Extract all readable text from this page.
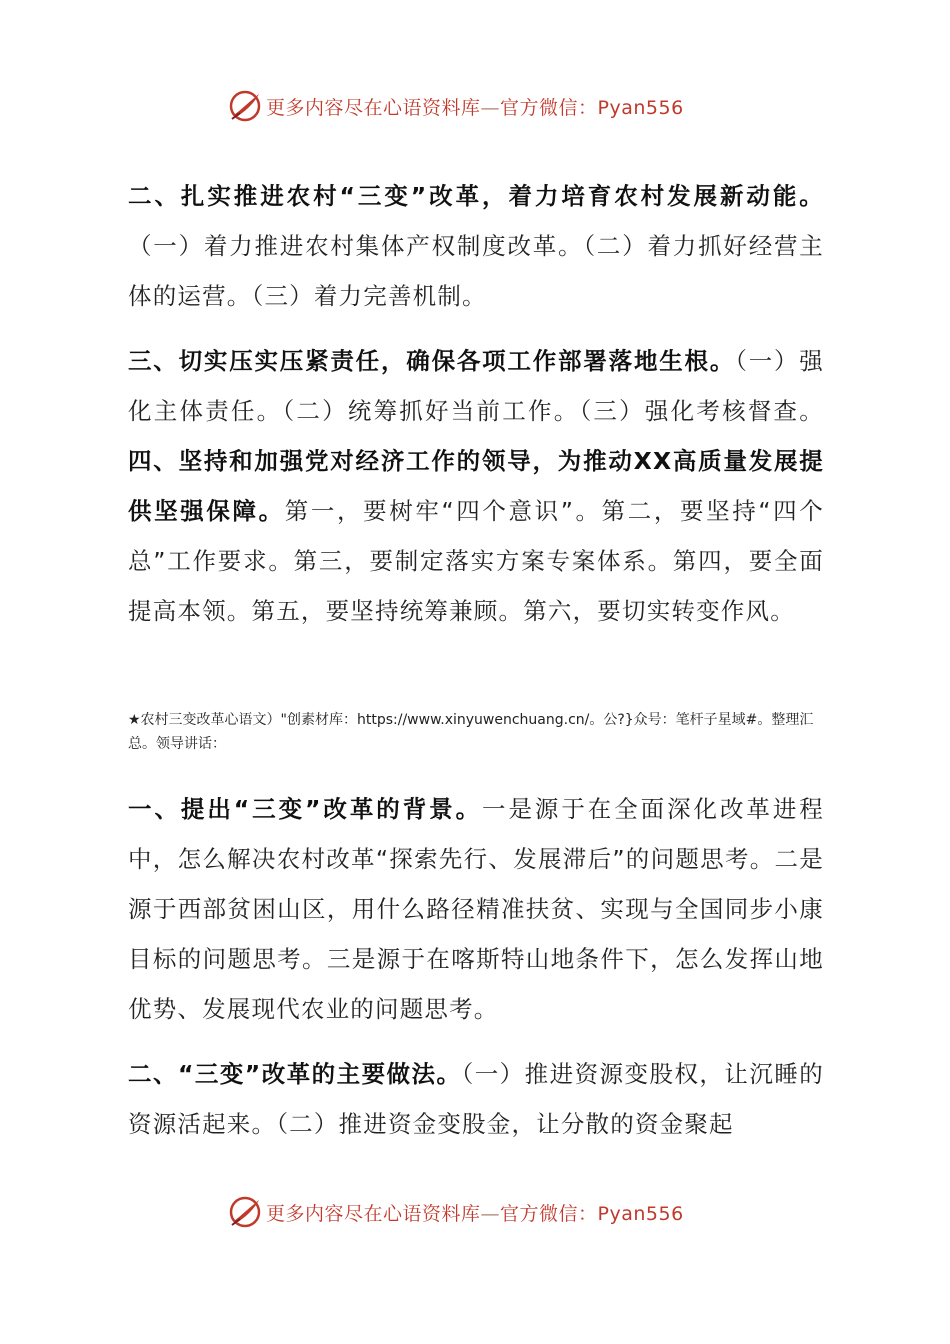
更多内容尽在心语资料库—官方微信：Pyan556
二、扎实推进农村“三变”改革，着力培育农村发展新动能。（一）着力推进农村集体产权制度改革。（二）着力抓好经营主体的运营。（三）着力完善机制。
三、切实压实压紧责任，确保各项工作部署落地生根。（一）强化主体责任。（二）统筹抓好当前工作。（三）强化考核督查。四、坚持和加强党对经济工作的领导，为推动XX高质量发展提供坚强保障。第一，要树牢“四个意识”。第二，要坚持“四个总”工作要求。第三，要制定落实方案专案体系。第四，要全面提高本领。第五，要坚持统筹兼顾。第六，要切实转变作风。
★农村三变改革心语文）"创素材库：https://www.xinyuwenchuang.cn/。公?}众号：笔杆子星域#。整理汇总。领导讲话：
一、提出“三变”改革的背景。一是源于在全面深化改革进程中，怎么解决农村改革“探索先行、发展滞后”的问题思考。二是源于西部贫困山区，用什么路径精准扶贫、实现与全国同步小康目标的问题思考。三是源于在喀斯特山地条件下，怎么发挥山地优势、发展现代农业的问题思考。
二、“三变”改革的主要做法。（一）推进资源变股权，让沉睡的资源活起来。（二）推进资金变股金，让分散的资金聚起
更多内容尽在心语资料库—官方微信：Pyan556
